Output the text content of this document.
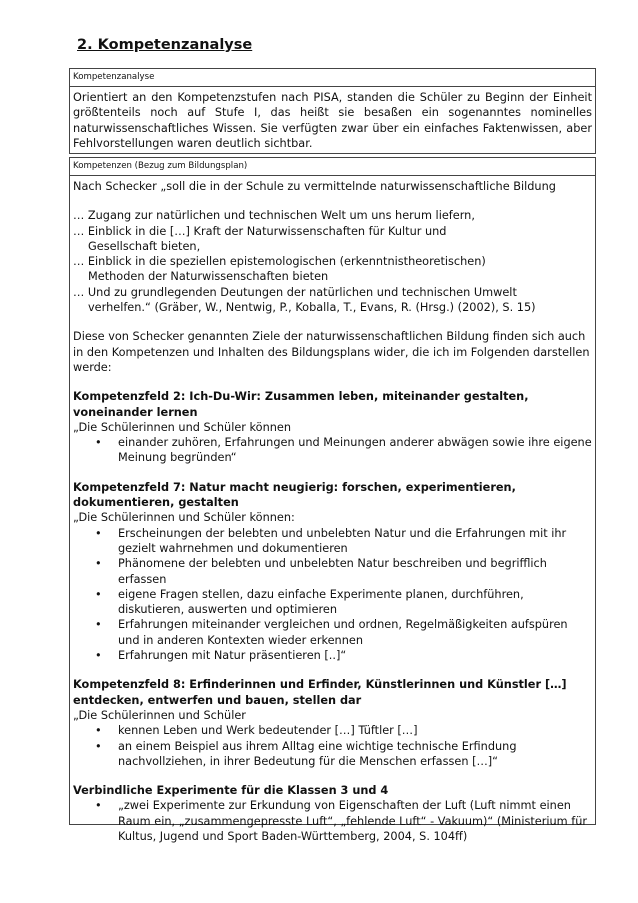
2. Kompetenzanalyse
Kompetenzanalyse
Orientiert an den Kompetenzstufen nach PISA, standen die Schüler zu Beginn der Einheit größtenteils noch auf Stufe I, das heißt sie besaßen ein sogenanntes nominelles naturwissenschaftliches Wissen. Sie verfügten zwar über ein einfaches Faktenwissen, aber Fehlvorstellungen waren deutlich sichtbar.
Kompetenzen (Bezug zum Bildungsplan)

Nach Schecker „soll die in der Schule zu vermittelnde naturwissenschaftliche Bildung

… Zugang zur natürlichen und technischen Welt um uns herum liefern,

… Einblick in die […] Kraft der Naturwissenschaften für Kultur und

Gesellschaft bieten,

… Einblick in die speziellen epistemologischen (erkenntnistheoretischen)

Methoden der Naturwissenschaften bieten

… Und zu grundlegenden Deutungen der natürlichen und technischen Umwelt

verhelfen.“ (Gräber, W., Nentwig, P., Koballa, T., Evans, R. (Hrsg.) (2002), S. 15)

Diese von Schecker genannten Ziele der naturwissenschaftlichen Bildung finden sich auch in den Kompetenzen und Inhalten des Bildungsplans wider, die ich im Folgenden darstellen werde:

Kompetenzfeld 2: Ich-Du-Wir: Zusammen leben, miteinander gestalten, voneinander lernen

„Die Schülerinnen und Schüler können

• einander zuhören, Erfahrungen und Meinungen anderer abwägen sowie ihre eigene Meinung begründen“

Kompetenzfeld 7: Natur macht neugierig: forschen, experimentieren, dokumentieren, gestalten

„Die Schülerinnen und Schüler können:

• Erscheinungen der belebten und unbelebten Natur und die Erfahrungen mit ihr gezielt wahrnehmen und dokumentieren
• Phänomene der belebten und unbelebten Natur beschreiben und begrifflich erfassen
• eigene Fragen stellen, dazu einfache Experimente planen, durchführen, diskutieren, auswerten und optimieren
• Erfahrungen miteinander vergleichen und ordnen, Regelmäßigkeiten aufspüren und in anderen Kontexten wieder erkennen
• Erfahrungen mit Natur präsentieren [..]“

Kompetenzfeld 8: Erfinderinnen und Erfinder, Künstlerinnen und Künstler […] entdecken, entwerfen und bauen, stellen dar

„Die Schülerinnen und Schüler

• kennen Leben und Werk bedeutender […] Tüftler […]
• an einem Beispiel aus ihrem Alltag eine wichtige technische Erfindung nachvollziehen, in ihrer Bedeutung für die Menschen erfassen […]“

Verbindliche Experimente für die Klassen 3 und 4

• „zwei Experimente zur Erkundung von Eigenschaften der Luft (Luft nimmt einen Raum ein, „zusammengepresste Luft“, „fehlende Luft“ - Vakuum)“ (Ministerium für Kultus, Jugend und Sport Baden-Württemberg, 2004, S. 104ff)
